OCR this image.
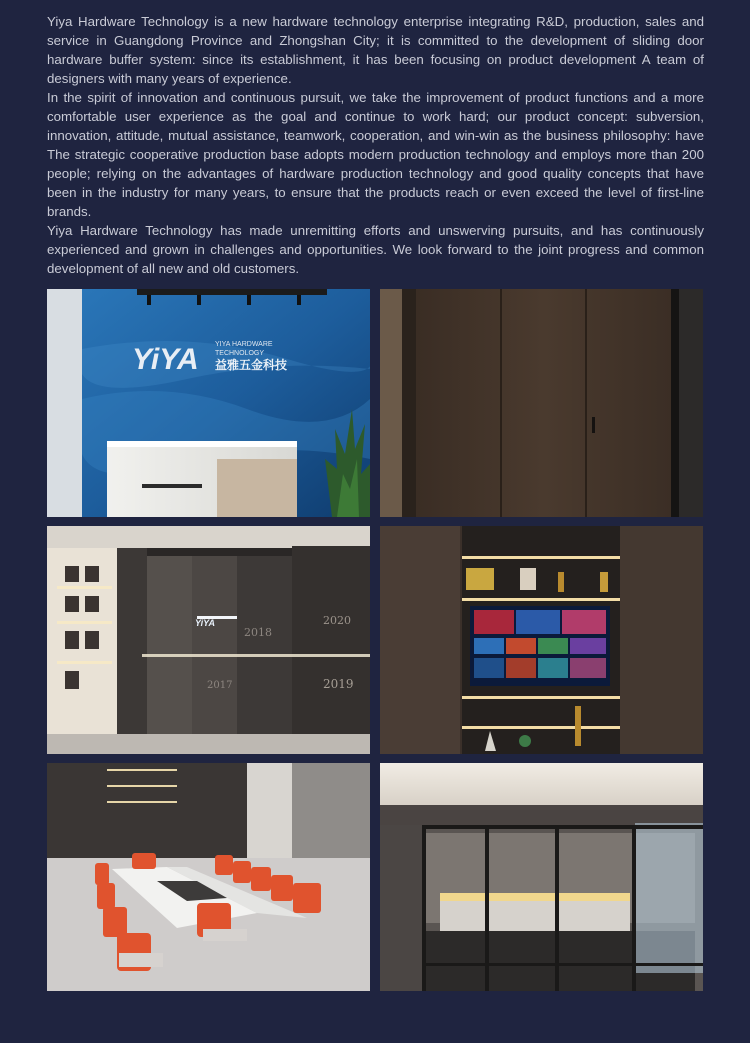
Yiya Hardware Technology is a new hardware technology enterprise integrating R&D, production, sales and service in Guangdong Province and Zhongshan City; it is committed to the development of sliding door hardware buffer system: since its establishment, it has been focusing on product development A team of designers with many years of experience.

In the spirit of innovation and continuous pursuit, we take the improvement of product functions and a more comfortable user experience as the goal and continue to work hard; our product concept: subversion, innovation, attitude, mutual assistance, teamwork, cooperation, and win-win as the business philosophy: have The strategic cooperative production base adopts modern production technology and employs more than 200 people; relying on the advantages of hardware production technology and good quality concepts that have been in the industry for many years, to ensure that the products reach or even exceed the level of first-line brands.

Yiya Hardware Technology has made unremitting efforts and unswerving pursuits, and has continuously experienced and grown in challenges and opportunities. We look forward to the joint progress and common development of all new and old customers.

YiYA YIYA HARDWARE
TECHNOLOGY
益雅五金科技
YiYA
2018
2020
2017	2019
